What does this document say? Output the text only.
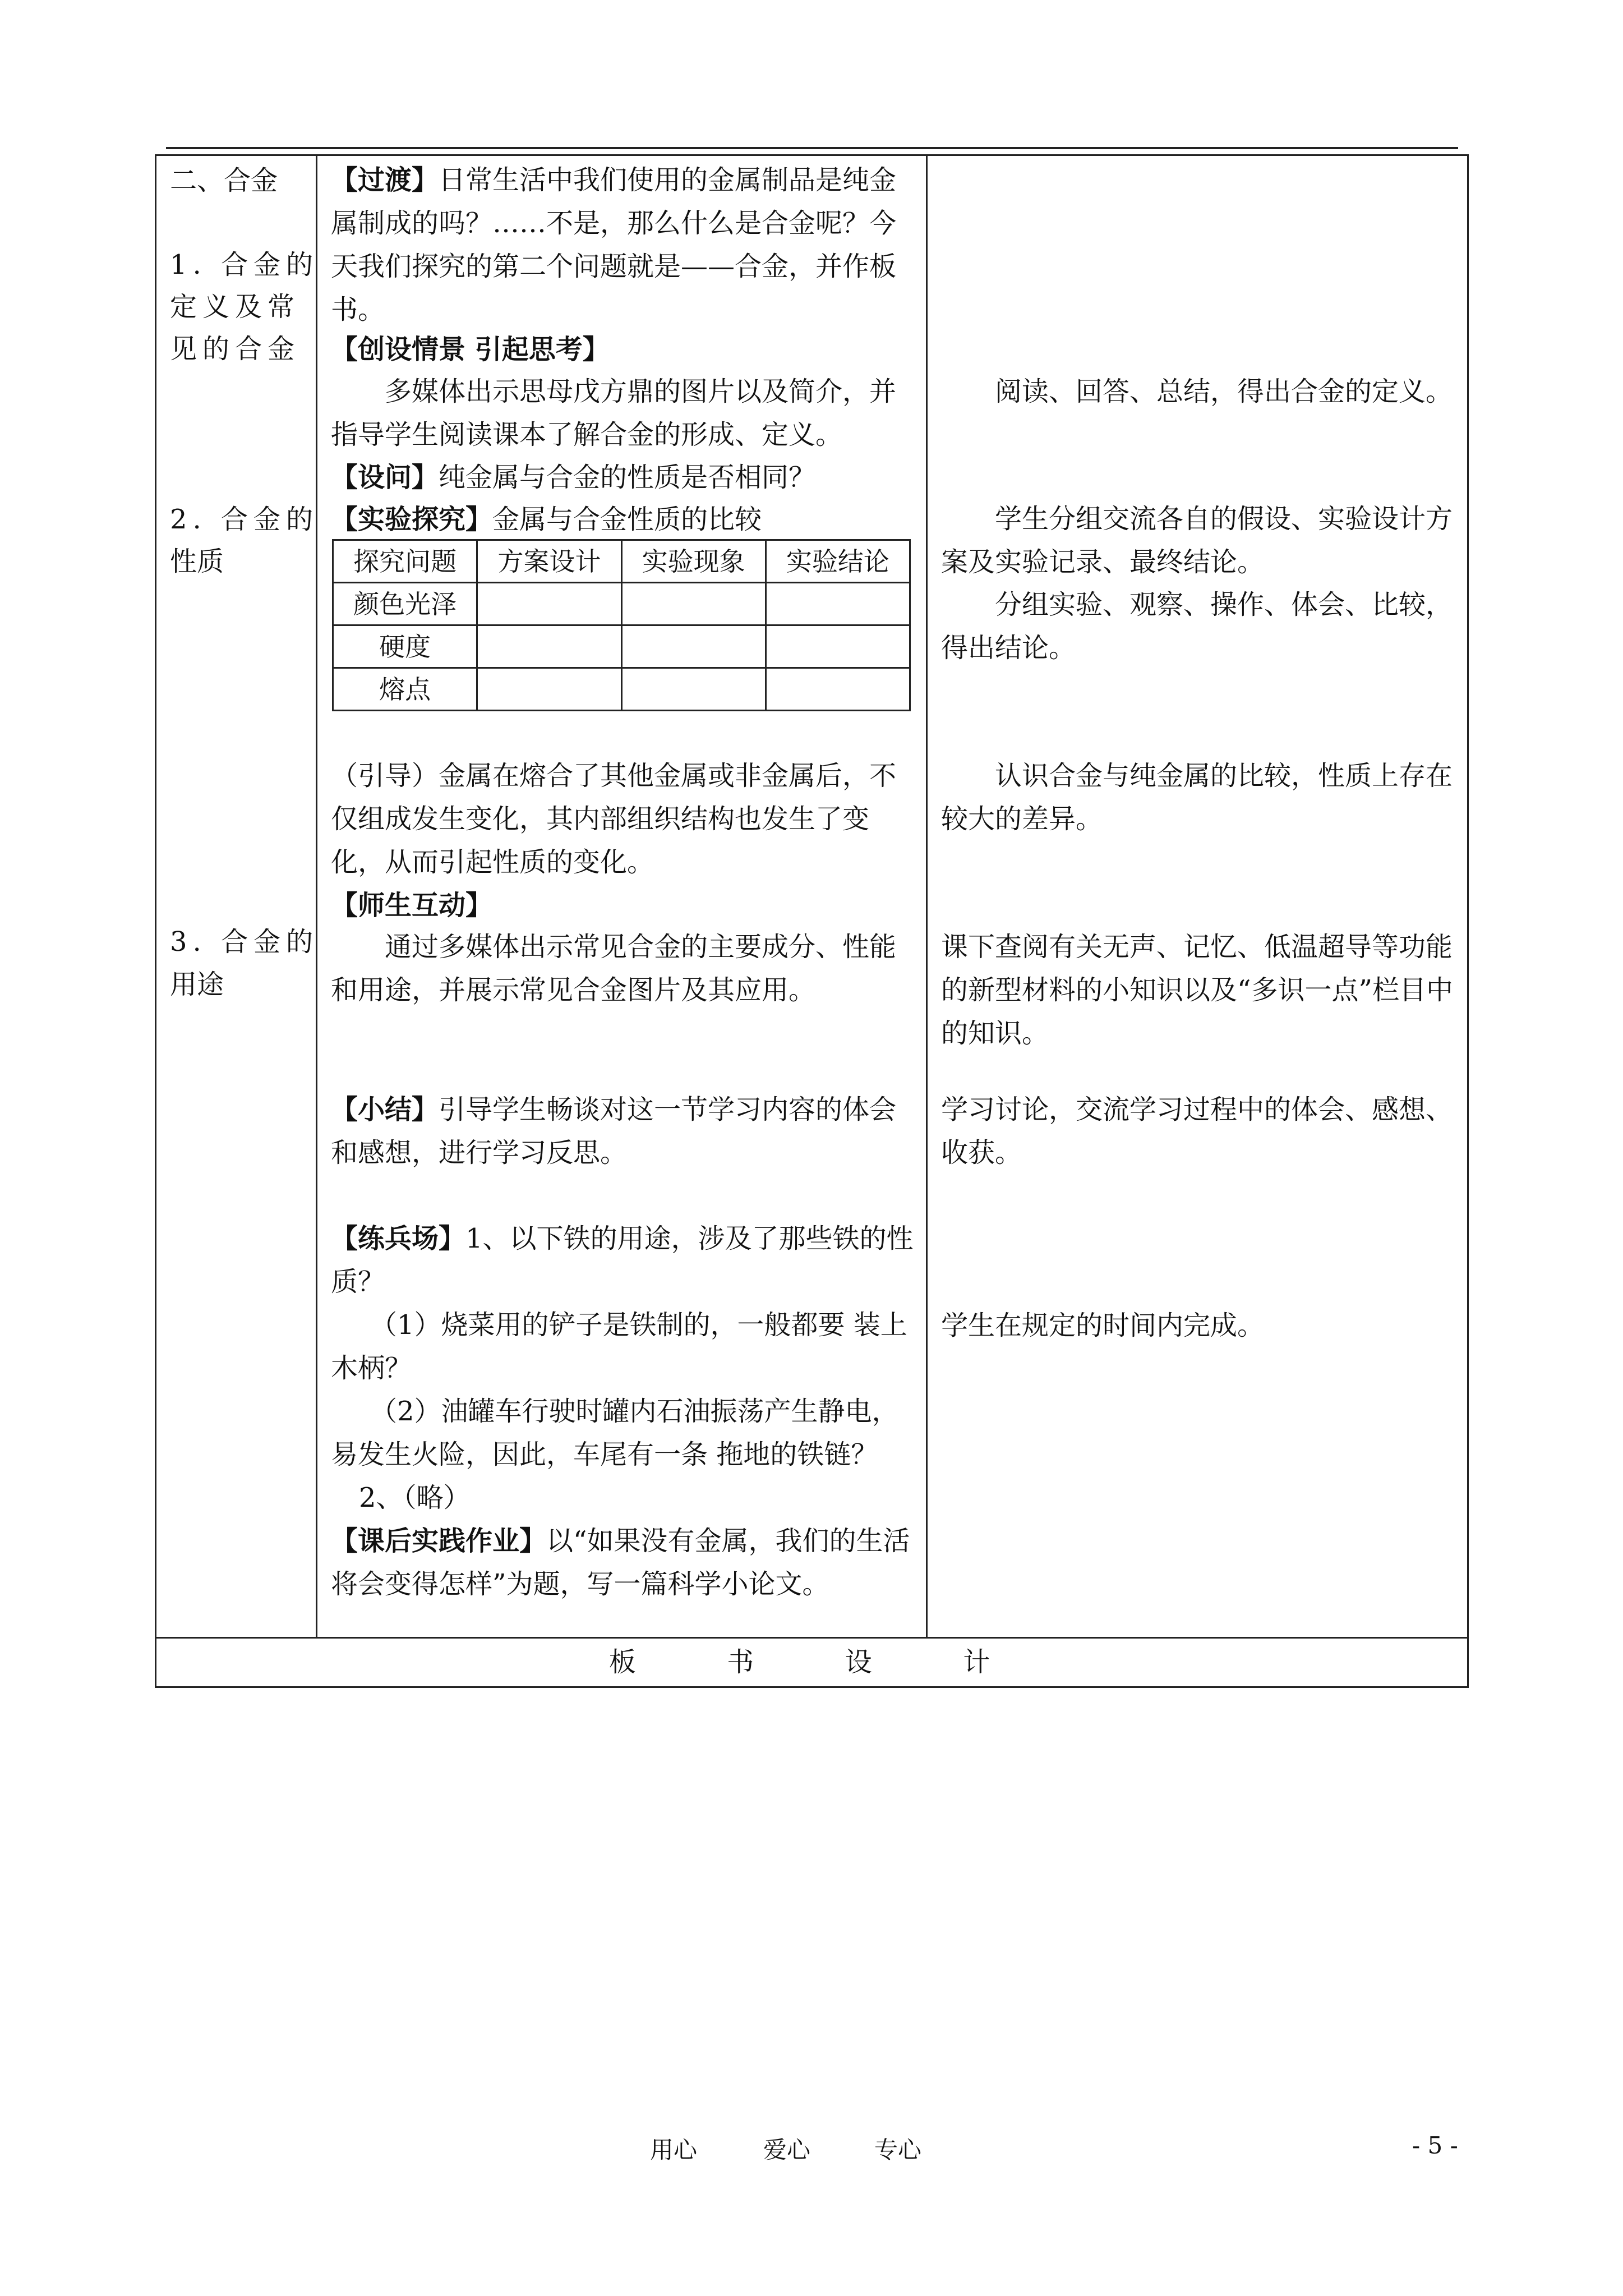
二、合金
1. 合金的
定义及常
见的合金
2. 合金的
性质
3. 合金的
用途

【过渡】日常生活中我们使用的金属制品是纯金属制成的吗？……不是，那么什么是合金呢？今天我们探究的第二个问题就是——合金，并作板书。

【创设情景 引起思考】

多媒体出示思母戊方鼎的图片以及简介，并指导学生阅读课本了解合金的形成、定义。

【设问】纯金属与合金的性质是否相同？
【实验探究】金属与合金性质的比较
探究问题	方案设计	实验现象	实验结论
颜色光泽			
硬度			
熔点			

（引导）金属在熔合了其他金属或非金属后，不仅组成发生变化，其内部组织结构也发生了变化，从而引起性质的变化。

【师生互动】

通过多媒体出示常见合金的主要成分、性能和用途，并展示常见合金图片及其应用。

【小结】引导学生畅谈对这一节学习内容的体会和感想，进行学习反思。

【练兵场】1、以下铁的用途，涉及了那些铁的性质？

（1）烧菜用的铲子是铁制的，一般都要 装上木柄？

（2）油罐车行驶时罐内石油振荡产生静电，易发生火险，因此，车尾有一条 拖地的铁链？

2、（略）

【课后实践作业】以“如果没有金属，我们的生活将会变得怎样”为题，写一篇科学小论文。

阅读、回答、总结，得出合金的定义。

学生分组交流各自的假设、实验设计方案及实验记录、最终结论。

分组实验、观察、操作、体会、比较，得出结论。

认识合金与纯金属的比较，性质上存在较大的差异。

课下查阅有关无声、记忆、低温超导等功能的新型材料的小知识以及“多识一点”栏目中的知识。

学习讨论，交流学习过程中的体会、感想、收获。

学生在规定的时间内完成。

板  书  设  计
用心	爱心	专心	- 5 -
